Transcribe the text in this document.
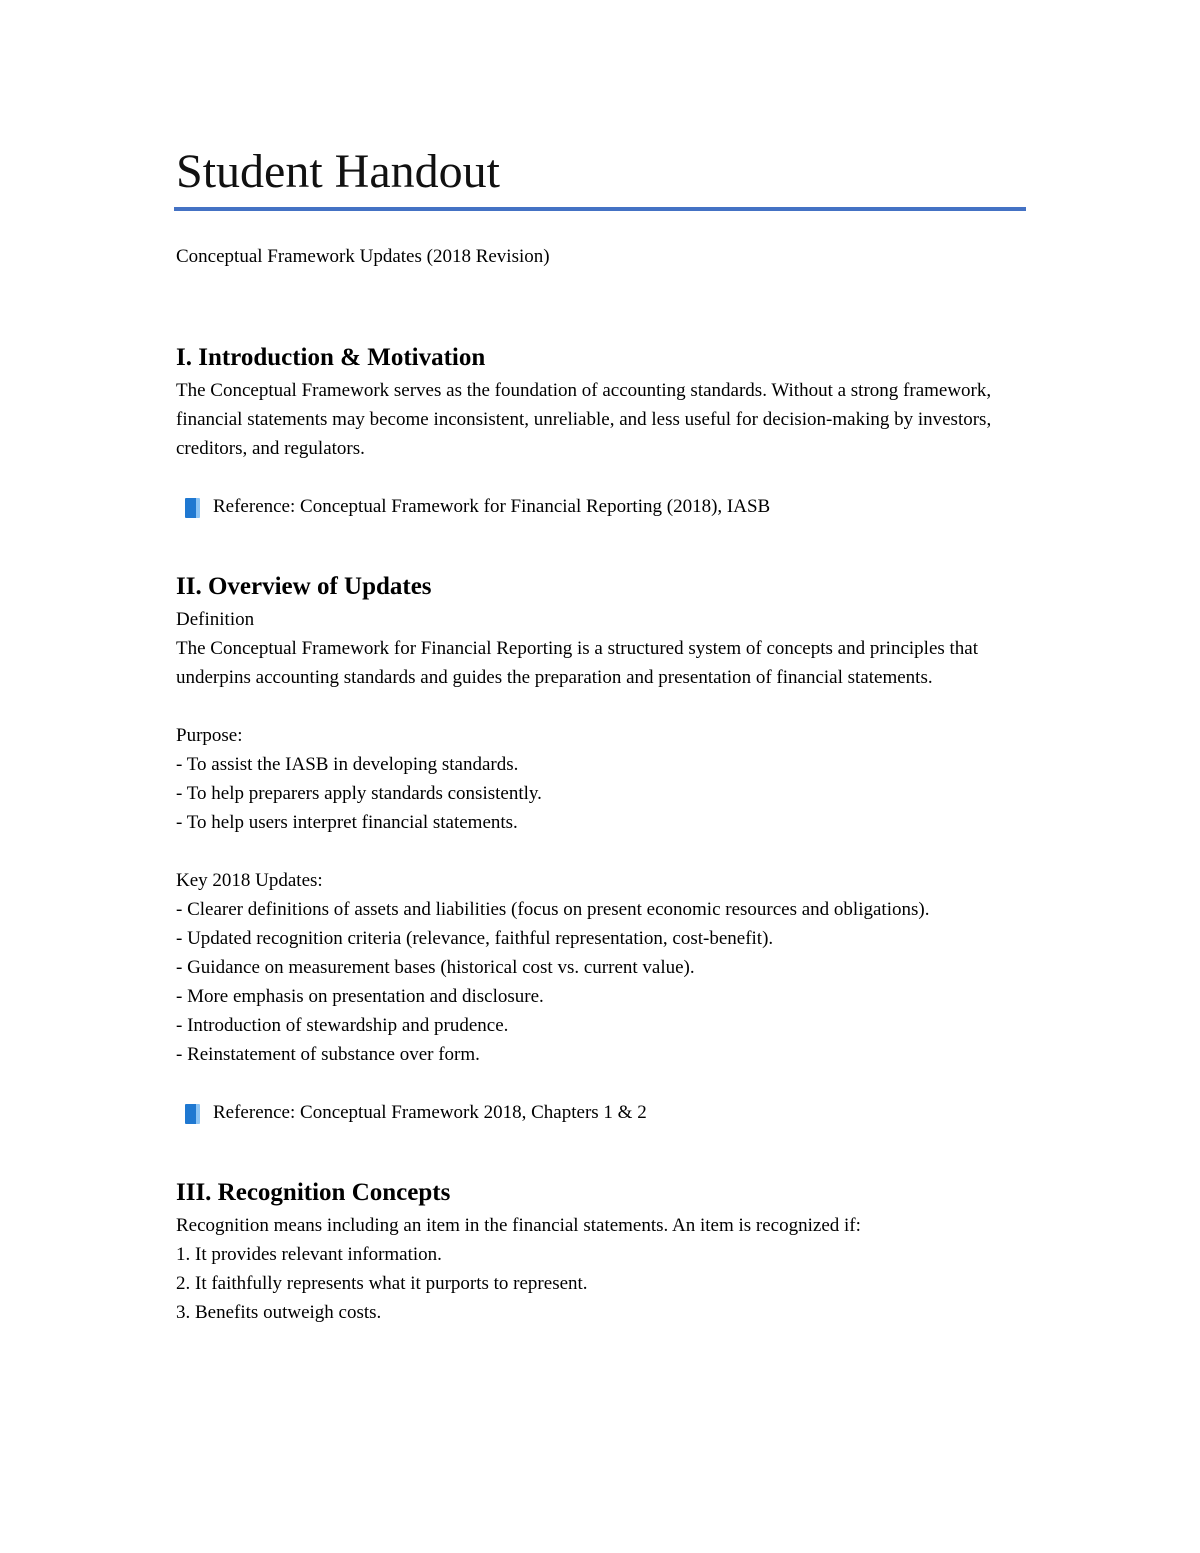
Student Handout
Conceptual Framework Updates (2018 Revision)
I. Introduction & Motivation

The Conceptual Framework serves as the foundation of accounting standards. Without a strong framework, financial statements may become inconsistent, unreliable, and less useful for decision-making by investors, creditors, and regulators.

Reference: Conceptual Framework for Financial Reporting (2018), IASB
II. Overview of Updates

Definition

The Conceptual Framework for Financial Reporting is a structured system of concepts and principles that underpins accounting standards and guides the preparation and presentation of financial statements.

Purpose:

- To assist the IASB in developing standards.
- To help preparers apply standards consistently.
- To help users interpret financial statements.

Key 2018 Updates:

- Clearer definitions of assets and liabilities (focus on present economic resources and obligations).
- Updated recognition criteria (relevance, faithful representation, cost-benefit).
- Guidance on measurement bases (historical cost vs. current value).
- More emphasis on presentation and disclosure.
- Introduction of stewardship and prudence.
- Reinstatement of substance over form.
Reference: Conceptual Framework 2018, Chapters 1 & 2
III. Recognition Concepts

Recognition means including an item in the financial statements. An item is recognized if:

1. It provides relevant information.
2. It faithfully represents what it purports to represent.
3. Benefits outweigh costs.
